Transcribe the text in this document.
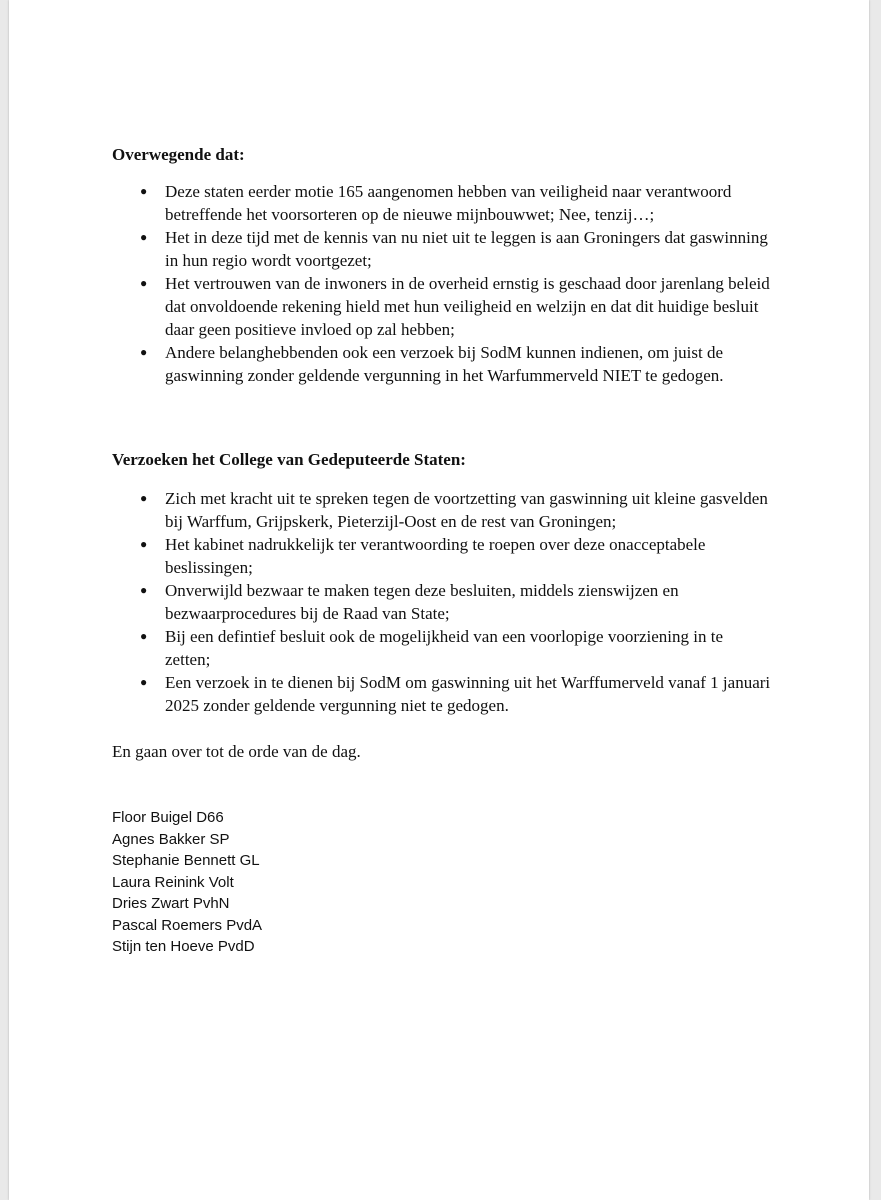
Overwegende dat:
● Deze staten eerder motie 165 aangenomen hebben van veiligheid naar verantwoord betreffende het voorsorteren op de nieuwe mijnbouwwet; Nee, tenzij…;
● Het in deze tijd met de kennis van nu niet uit te leggen is aan Groningers dat gaswinning in hun regio wordt voortgezet;
● Het vertrouwen van de inwoners in de overheid ernstig is geschaad door jarenlang beleid dat onvoldoende rekening hield met hun veiligheid en welzijn en dat dit huidige besluit daar geen positieve invloed op zal hebben;
● Andere belanghebbenden ook een verzoek bij SodM kunnen indienen, om juist de gaswinning zonder geldende vergunning in het Warfummerveld NIET te gedogen.
Verzoeken het College van Gedeputeerde Staten:
● Zich met kracht uit te spreken tegen de voortzetting van gaswinning uit kleine gasvelden bij Warffum, Grijpskerk, Pieterzijl-Oost en de rest van Groningen;
● Het kabinet nadrukkelijk ter verantwoording te roepen over deze onacceptabele beslissingen;
● Onverwijld bezwaar te maken tegen deze besluiten, middels zienswijzen en bezwaarprocedures bij de Raad van State;
● Bij een defintief besluit ook de mogelijkheid van een voorlopige voorziening in te zetten;
● Een verzoek in te dienen bij SodM om gaswinning uit het Warffumerveld vanaf 1 januari 2025 zonder geldende vergunning niet te gedogen.

En gaan over tot de orde van de dag.

Floor Buigel D66
Agnes Bakker SP
Stephanie Bennett GL
Laura Reinink Volt
Dries Zwart PvhN
Pascal Roemers PvdA
Stijn ten Hoeve PvdD
